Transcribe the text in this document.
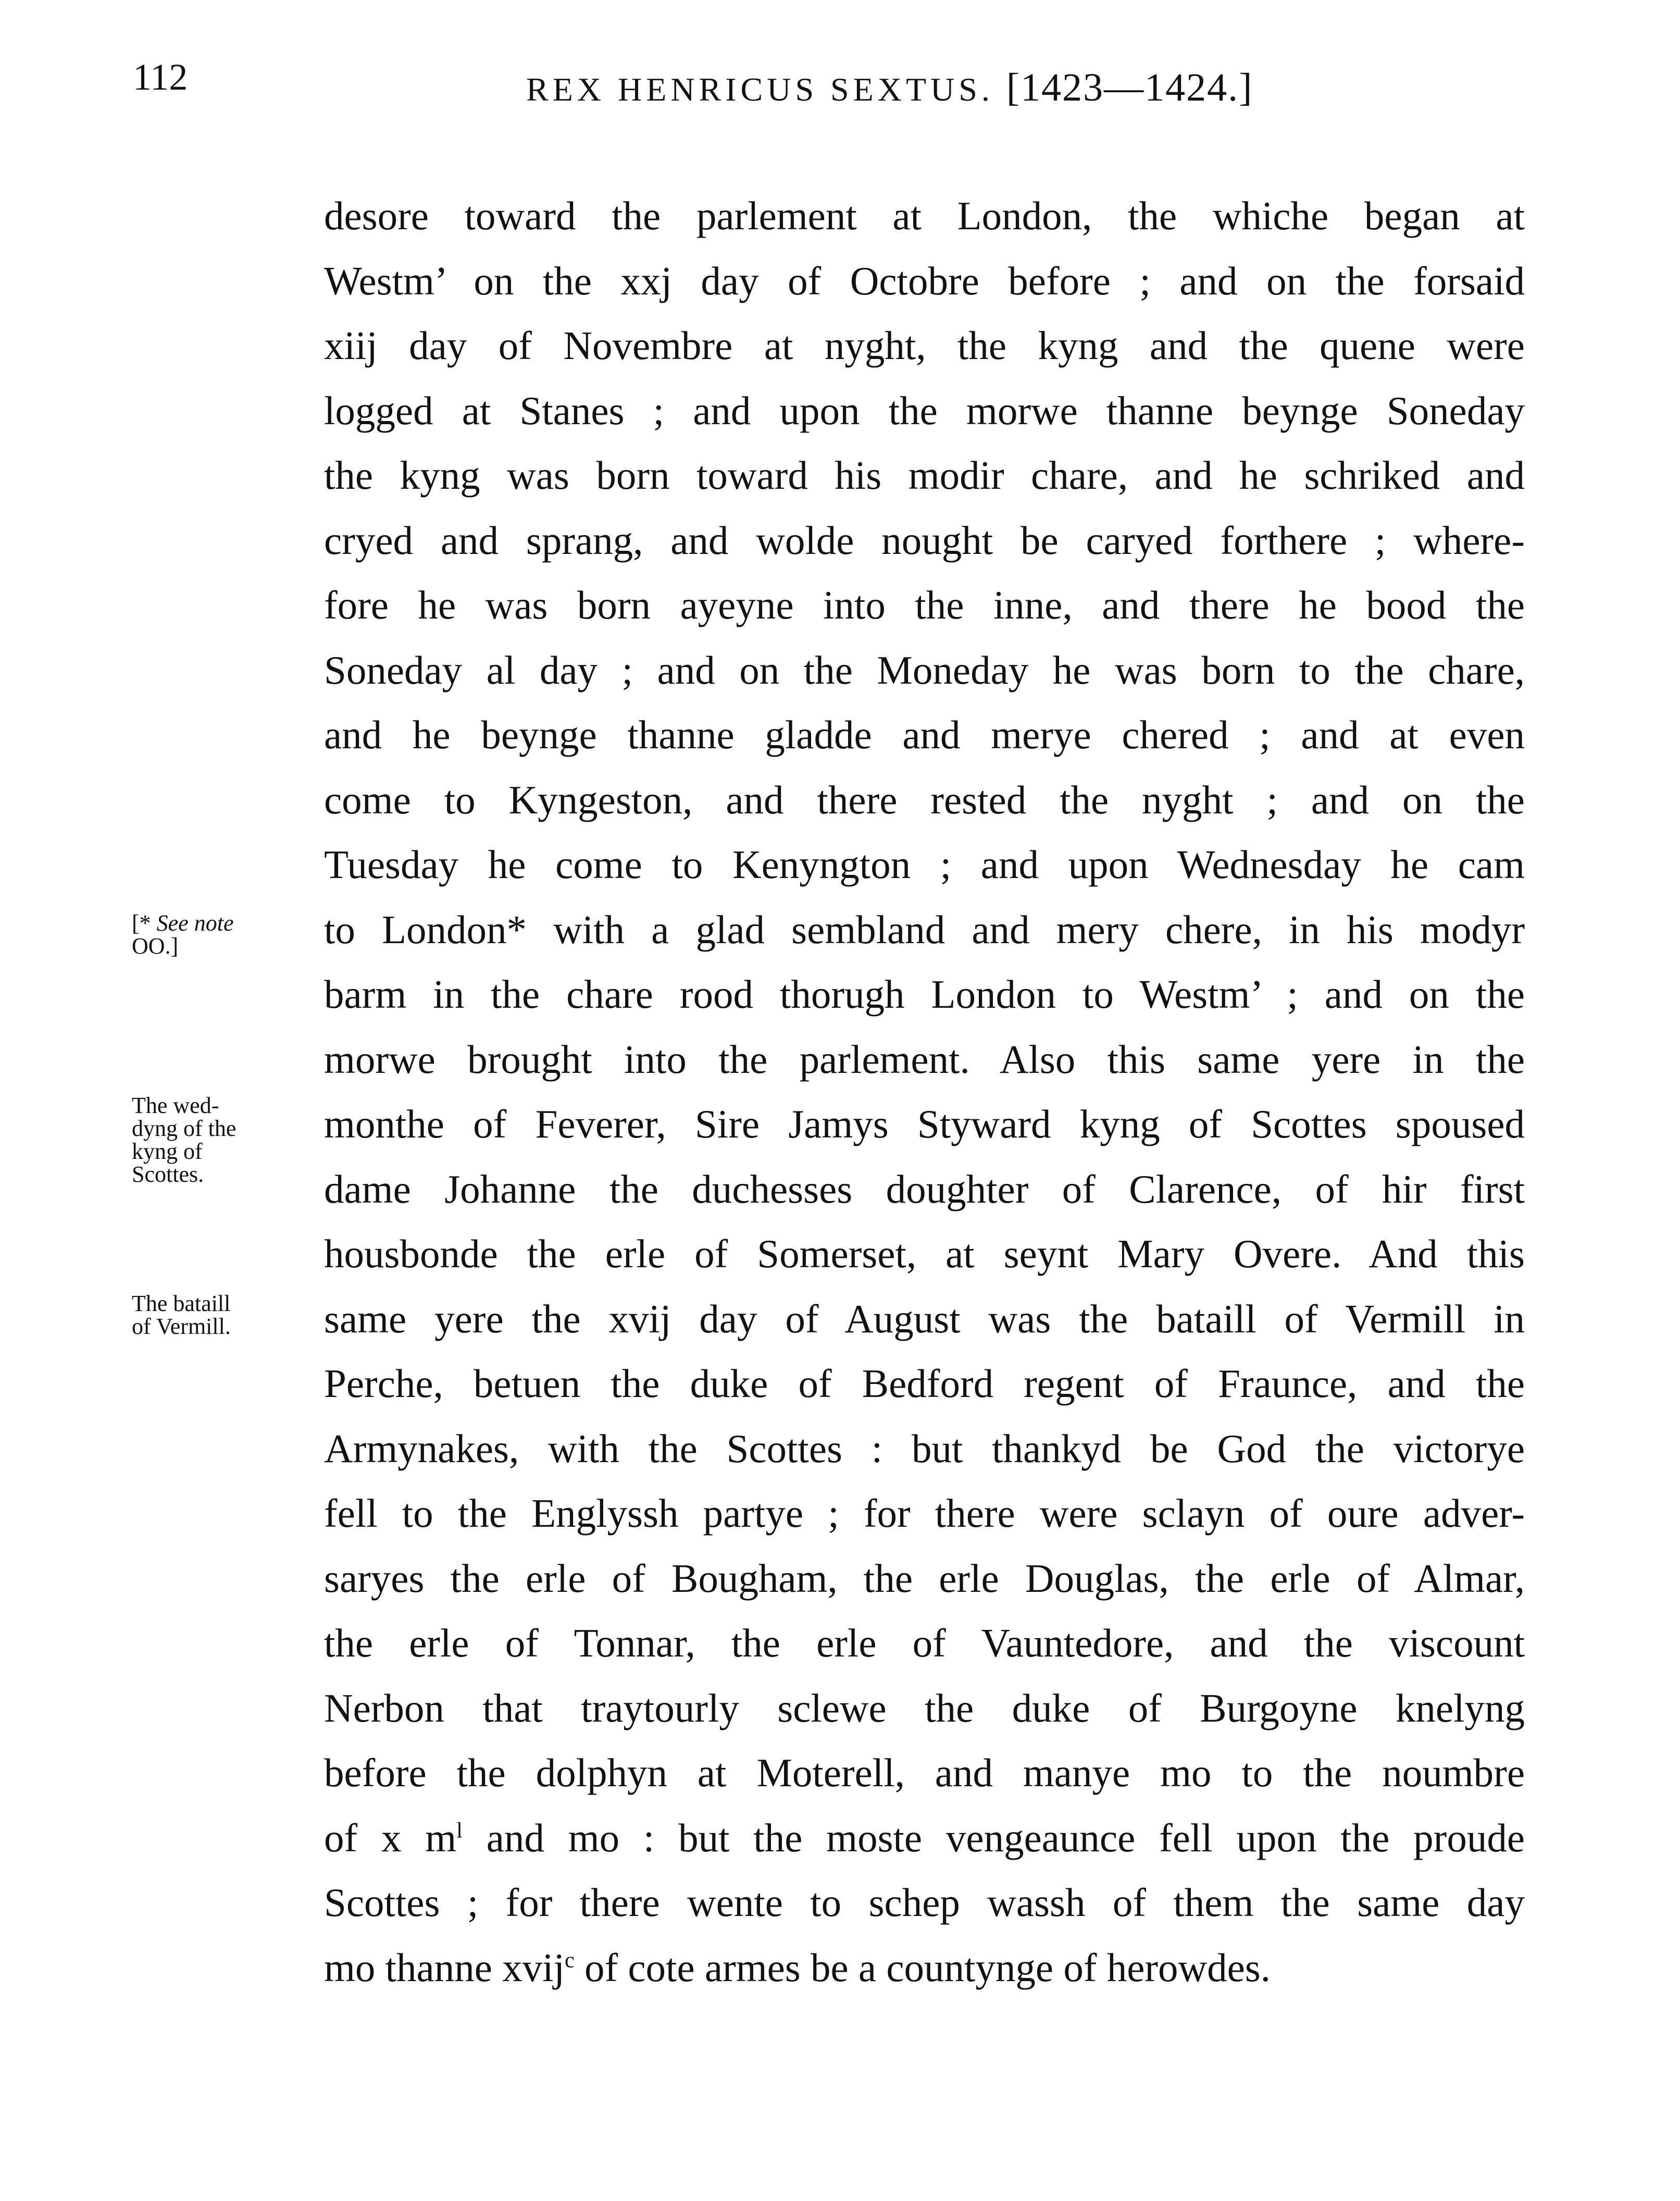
112	REX HENRICUS SEXTUS. [1423—1424.]
[* See note
OO.]
The wed-
dyng of the
kyng of
Scottes.
The bataill
of Vermill.
desore toward the parlement at London, the whiche began at
Westm’ on the xxj day of Octobre before ; and on the forsaid
xiij day of Novembre at nyght, the kyng and the quene were
logged at Stanes ; and upon the morwe thanne beynge Soneday
the kyng was born toward his modir chare, and he schriked and
cryed and sprang, and wolde nought be caryed forthere ; where-
fore he was born ayeyne into the inne, and there he bood the
Soneday al day ; and on the Moneday he was born to the chare,
and he beynge thanne gladde and merye chered ; and at even
come to Kyngeston, and there rested the nyght ; and on the
Tuesday he come to Kenyngton ; and upon Wednesday he cam
to London* with a glad sembland and mery chere, in his modyr
barm in the chare rood thorugh London to Westm’ ; and on the
morwe brought into the parlement. Also this same yere in the
monthe of Feverer, Sire Jamys Styward kyng of Scottes spoused
dame Johanne the duchesses doughter of Clarence, of hir first
housbonde the erle of Somerset, at seynt Mary Overe. And this
same yere the xvij day of August was the bataill of Vermill in
Perche, betuen the duke of Bedford regent of Fraunce, and the
Armynakes, with the Scottes : but thankyd be God the victorye
fell to the Englyssh partye ; for there were sclayn of oure adver-
saryes the erle of Bougham, the erle Douglas, the erle of Almar,
the erle of Tonnar, the erle of Vauntedore, and the viscount
Nerbon that traytourly sclewe the duke of Burgoyne knelyng
before the dolphyn at Moterell, and manye mo to the noumbre
of x $m^l$ and mo : but the moste vengeaunce fell upon the proude
Scottes ; for there wente to schep wassh of them the same day
mo thanne xvij$^c$ of cote armes be a countynge of herowdes.
